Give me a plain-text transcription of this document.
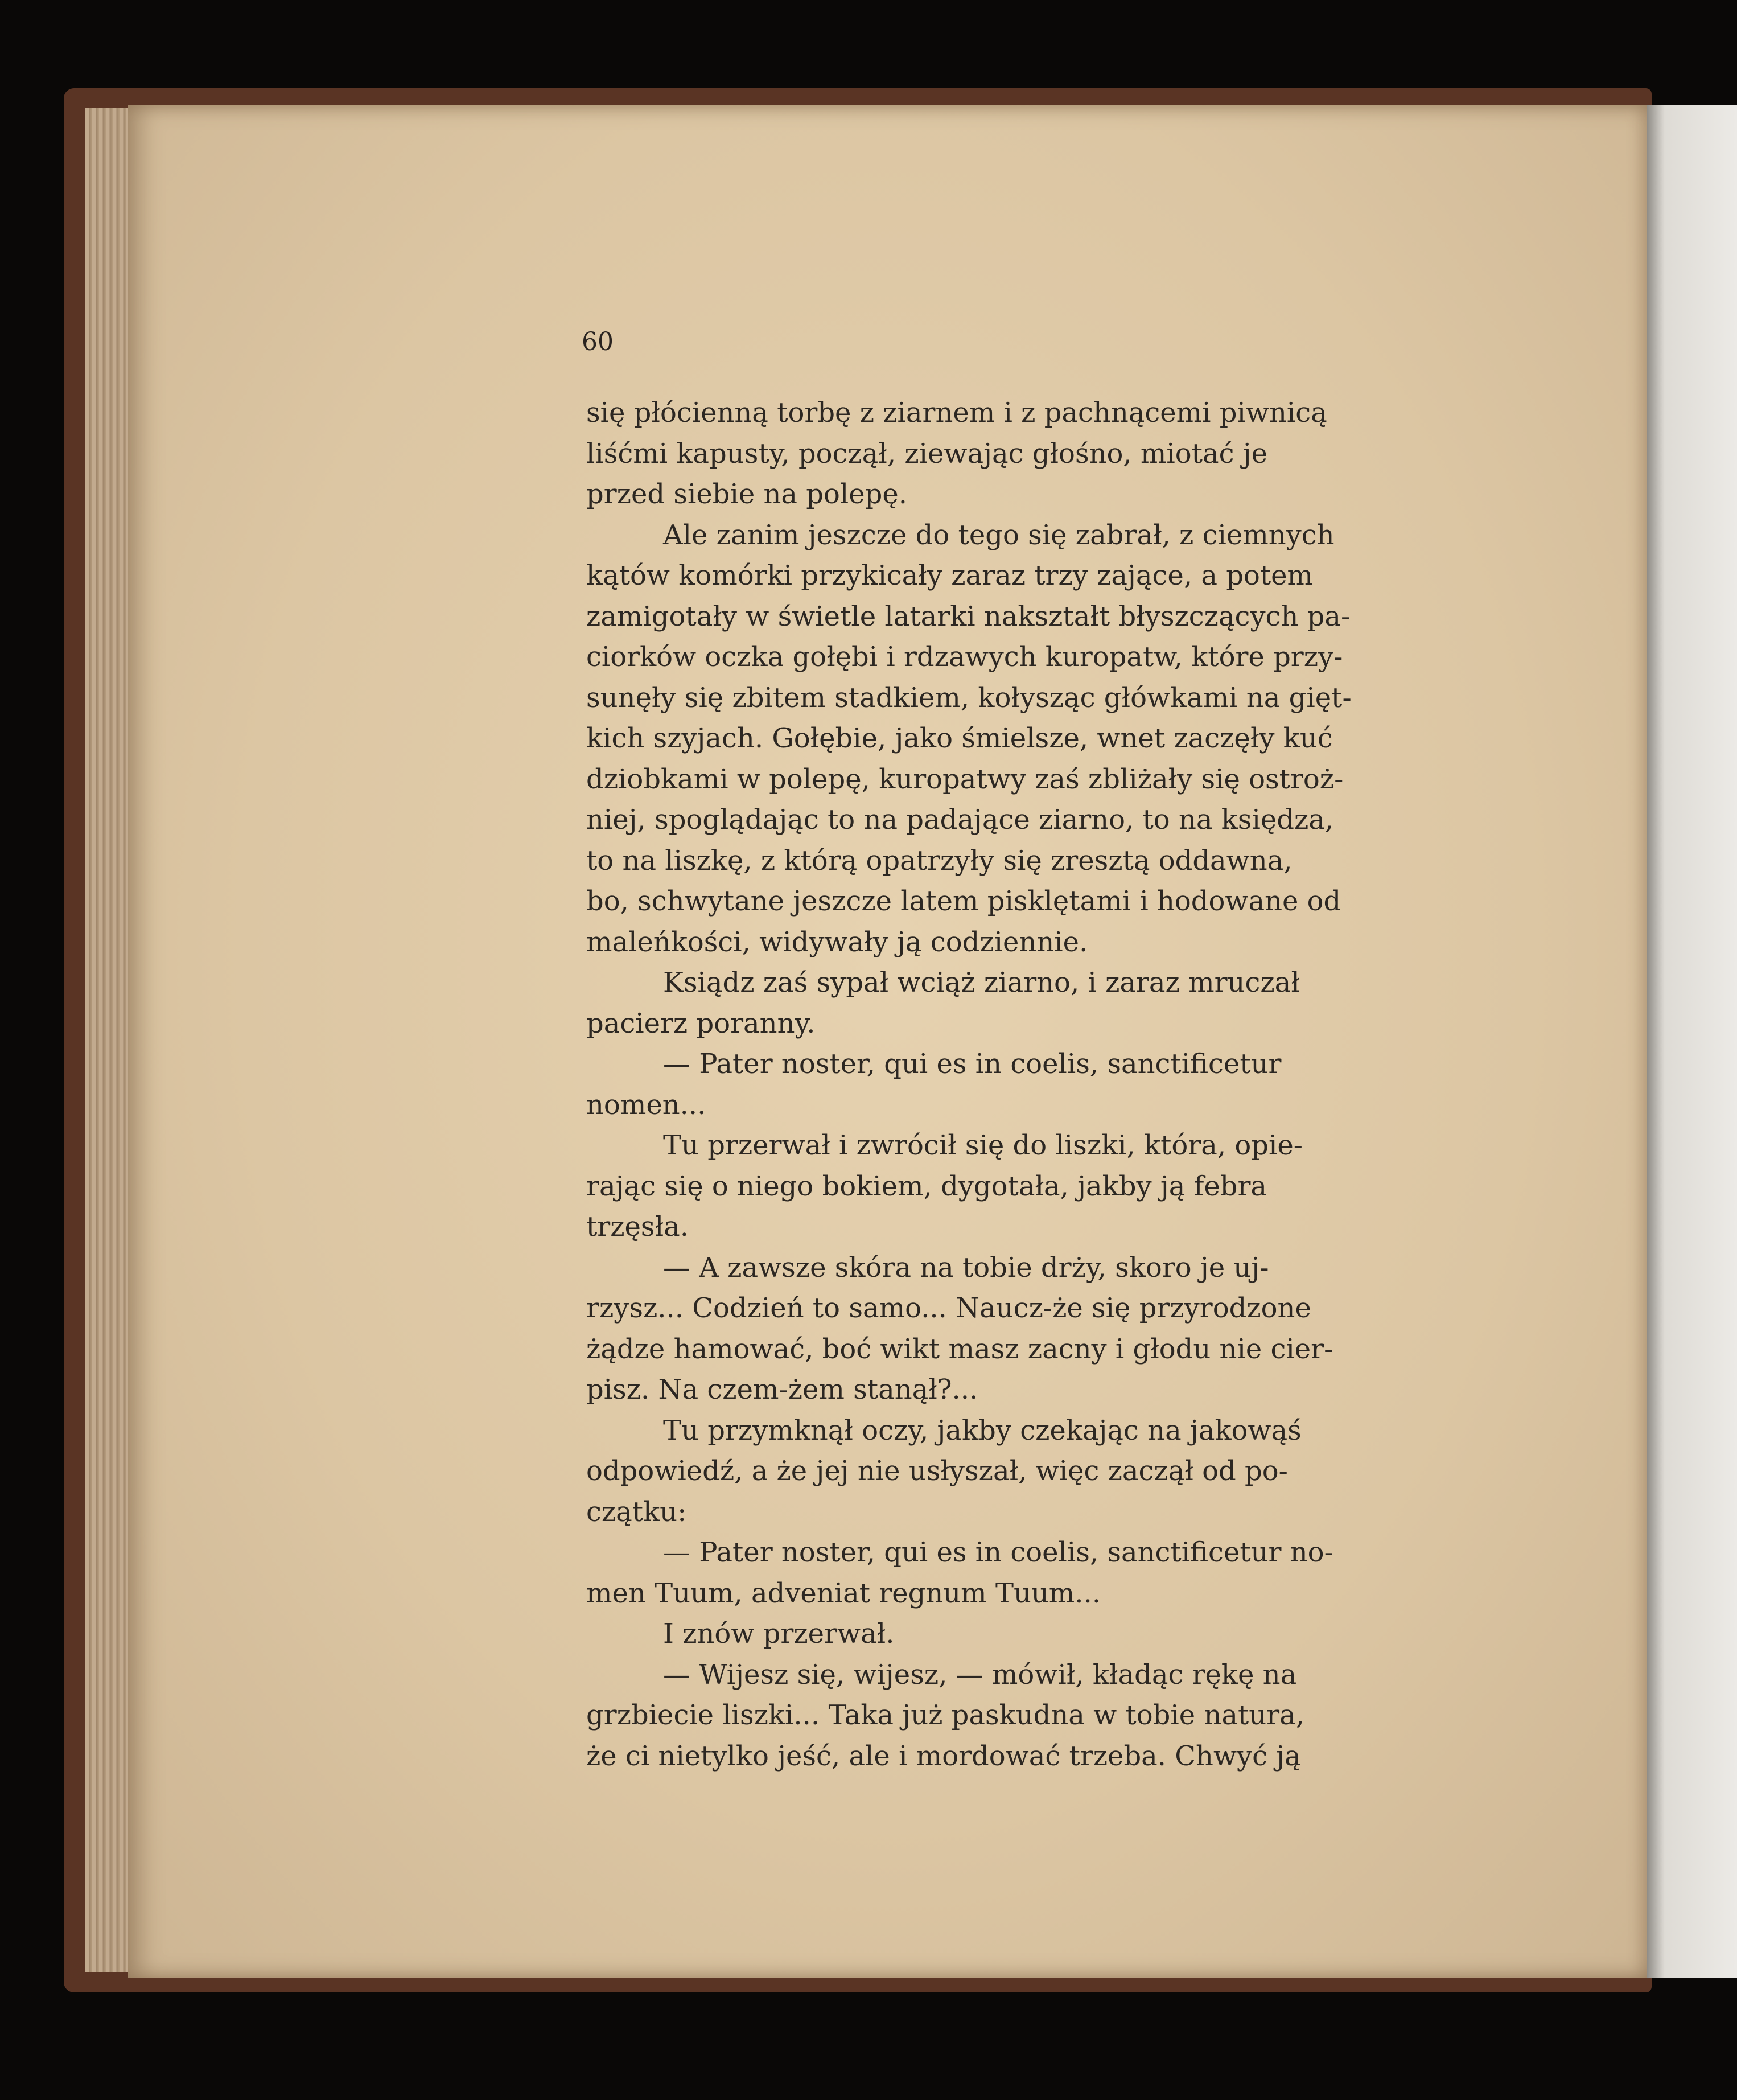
60
się płócienną torbę z ziarnem i z pachnącemi piwnicą
liśćmi kapusty, począł, ziewając głośno, miotać je
przed siebie na polepę.
Ale zanim jeszcze do tego się zabrał, z ciemnych
kątów komórki przykicały zaraz trzy zające, a potem
zamigotały w świetle latarki nakształt błyszczących pa-
ciorków oczka gołębi i rdzawych kuropatw, które przy-
sunęły się zbitem stadkiem, kołysząc główkami na gięt-
kich szyjach. Gołębie, jako śmielsze, wnet zaczęły kuć
dziobkami w polepę, kuropatwy zaś zbliżały się ostroż-
niej, spoglądając to na padające ziarno, to na księdza,
to na liszkę, z którą opatrzyły się zresztą oddawna,
bo, schwytane jeszcze latem pisklętami i hodowane od
maleńkości, widywały ją codziennie.
Ksiądz zaś sypał wciąż ziarno, i zaraz mruczał
pacierz poranny.
— Pater noster, qui es in coelis, sanctificetur
nomen...
Tu przerwał i zwrócił się do liszki, która, opie-
rając się o niego bokiem, dygotała, jakby ją febra
trzęsła.
— A zawsze skóra na tobie drży, skoro je uj-
rzysz... Codzień to samo... Naucz-że się przyrodzone
żądze hamować, boć wikt masz zacny i głodu nie cier-
pisz. Na czem-żem stanął?...
Tu przymknął oczy, jakby czekając na jakowąś
odpowiedź, a że jej nie usłyszał, więc zaczął od po-
czątku:
— Pater noster, qui es in coelis, sanctificetur no-
men Tuum, adveniat regnum Tuum...
I znów przerwał.
— Wijesz się, wijesz, — mówił, kładąc rękę na
grzbiecie liszki... Taka już paskudna w tobie natura,
że ci nietylko jeść, ale i mordować trzeba. Chwyć ją
